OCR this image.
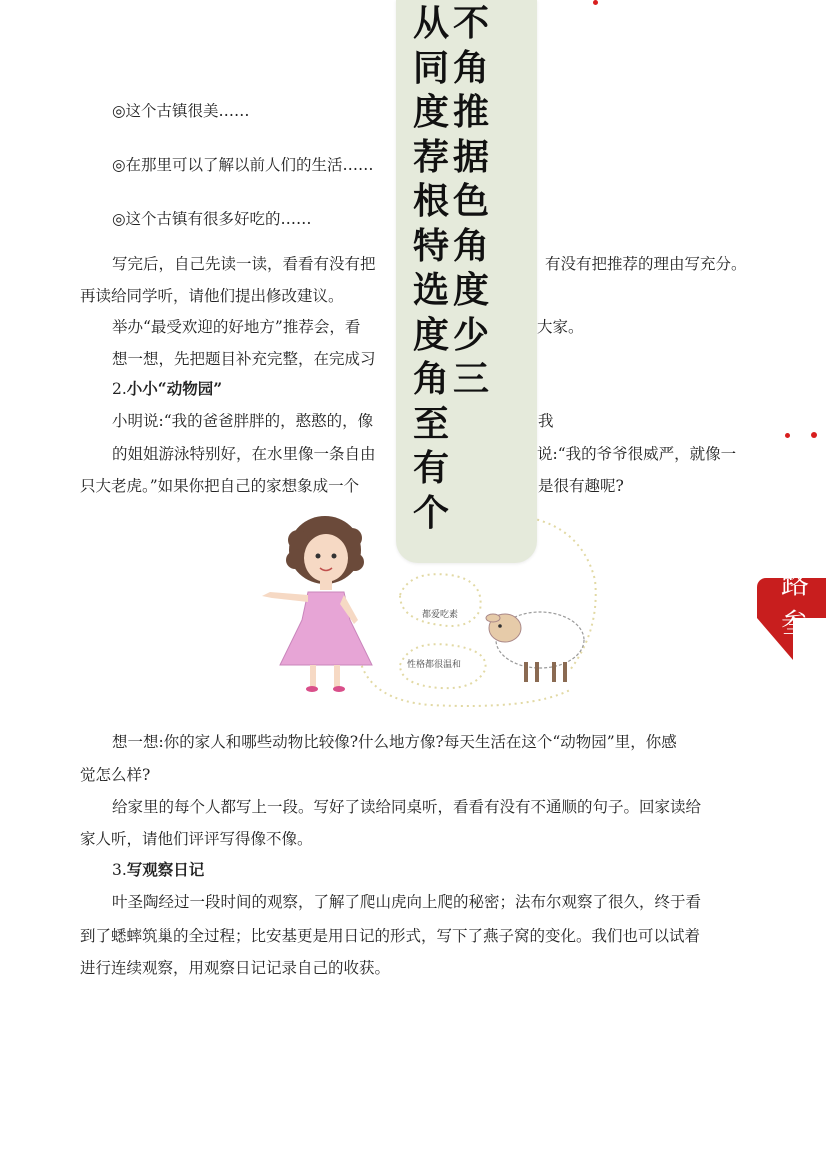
◎这个古镇很美……
◎在那里可以了解以前人们的生活……
◎这个古镇有很多好吃的……
写完后，自己先读一读，看看有没有把	有没有把推荐的理由写充分。
再读给同学听，请他们提出修改建议。
举办“最受欢迎的好地方”推荐会，看	大家。
想一想，先把题目补充完整，在完成习
2.小小“动物园”
小明说:“我的爸爸胖胖的，憨憨的，像	我
的姐姐游泳特别好，在水里像一条自由	说:“我的爷爷很威严，就像一
只大老虎。”如果你把自己的家想象成一个	是很有趣呢?
都爱吃素
性格都很温和
想一想:你的家人和哪些动物比较像?什么地方像?每天生活在这个“动物园”里，你感
觉怎么样?
给家里的每个人都写上一段。写好了读给同桌听，看看有没有不通顺的句子。回家读给
家人听，请他们评评写得像不像。
3.写观察日记
叶圣陶经过一段时间的观察，了解了爬山虎向上爬的秘密；法布尔观察了很久，终于看
到了蟋蟀筑巢的全过程；比安基更是用日记的形式，写下了燕子窝的变化。我们也可以试着
进行连续观察，用观察日记记录自己的收获。
不角推据色角度少三
从同度荐根特选度角至有个
路
叁
